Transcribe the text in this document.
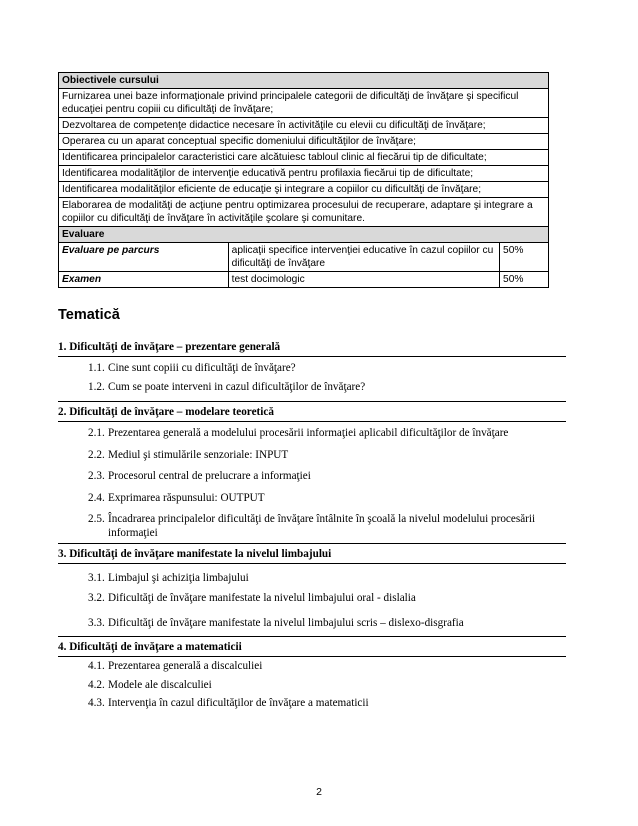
Obiectivele cursului		
Furnizarea unei baze informaţionale privind principalele categorii de dificultăţi de învăţare şi specificul educaţiei pentru copiii cu dificultăţi de învăţare;		
Dezvoltarea de competenţe didactice necesare în activităţile cu elevii cu dificultăţi de învăţare;		
Operarea cu un aparat conceptual specific domeniului dificultăţilor de învăţare;		
Identificarea principalelor caracteristici care alcătuiesc tabloul clinic al fiecărui tip de dificultate;		
Identificarea modalităţilor de intervenţie educativă pentru profilaxia fiecărui tip de dificultate;		
Identificarea modalităţilor eficiente de educaţie şi integrare a copiilor cu dificultăţi de învăţare;		
Elaborarea de modalităţi de acţiune pentru optimizarea procesului de recuperare, adaptare şi integrare a copiilor cu dificultăţi de învăţare în activităţile şcolare şi comunitare.		
Evaluare		
Evaluare pe parcurs	aplicaţii specifice intervenţiei educative în cazul copiilor cu dificultăţi de învăţare	50%
Examen	test docimologic	50%
Tematică
1. Dificultăţi de învăţare – prezentare generală
1.1. Cine sunt copiii cu dificultăţi de învăţare?
1.2. Cum se poate interveni in cazul dificultăţilor de învăţare?
2. Dificultăţi de învăţare – modelare teoretică
2.1. Prezentarea generală a modelului procesării informaţiei aplicabil dificultăţilor de învăţare
2.2. Mediul şi stimulările senzoriale: INPUT
2.3. Procesorul central de prelucrare a informaţiei
2.4. Exprimarea răspunsului: OUTPUT
2.5. Încadrarea principalelor dificultăţi de învăţare întâlnite în şcoală la nivelul modelului procesării informaţiei
3. Dificultăţi de învăţare manifestate la nivelul limbajului
3.1. Limbajul şi achiziţia limbajului
3.2. Dificultăţi de învăţare manifestate la nivelul limbajului oral - dislalia
3.3. Dificultăţi de învăţare manifestate la nivelul limbajului scris – dislexo-disgrafia
4. Dificultăţi de învăţare a matematicii
4.1. Prezentarea generală a discalculiei
4.2. Modele ale discalculiei
4.3. Intervenţia în cazul dificultăţilor de învăţare a matematicii
2
